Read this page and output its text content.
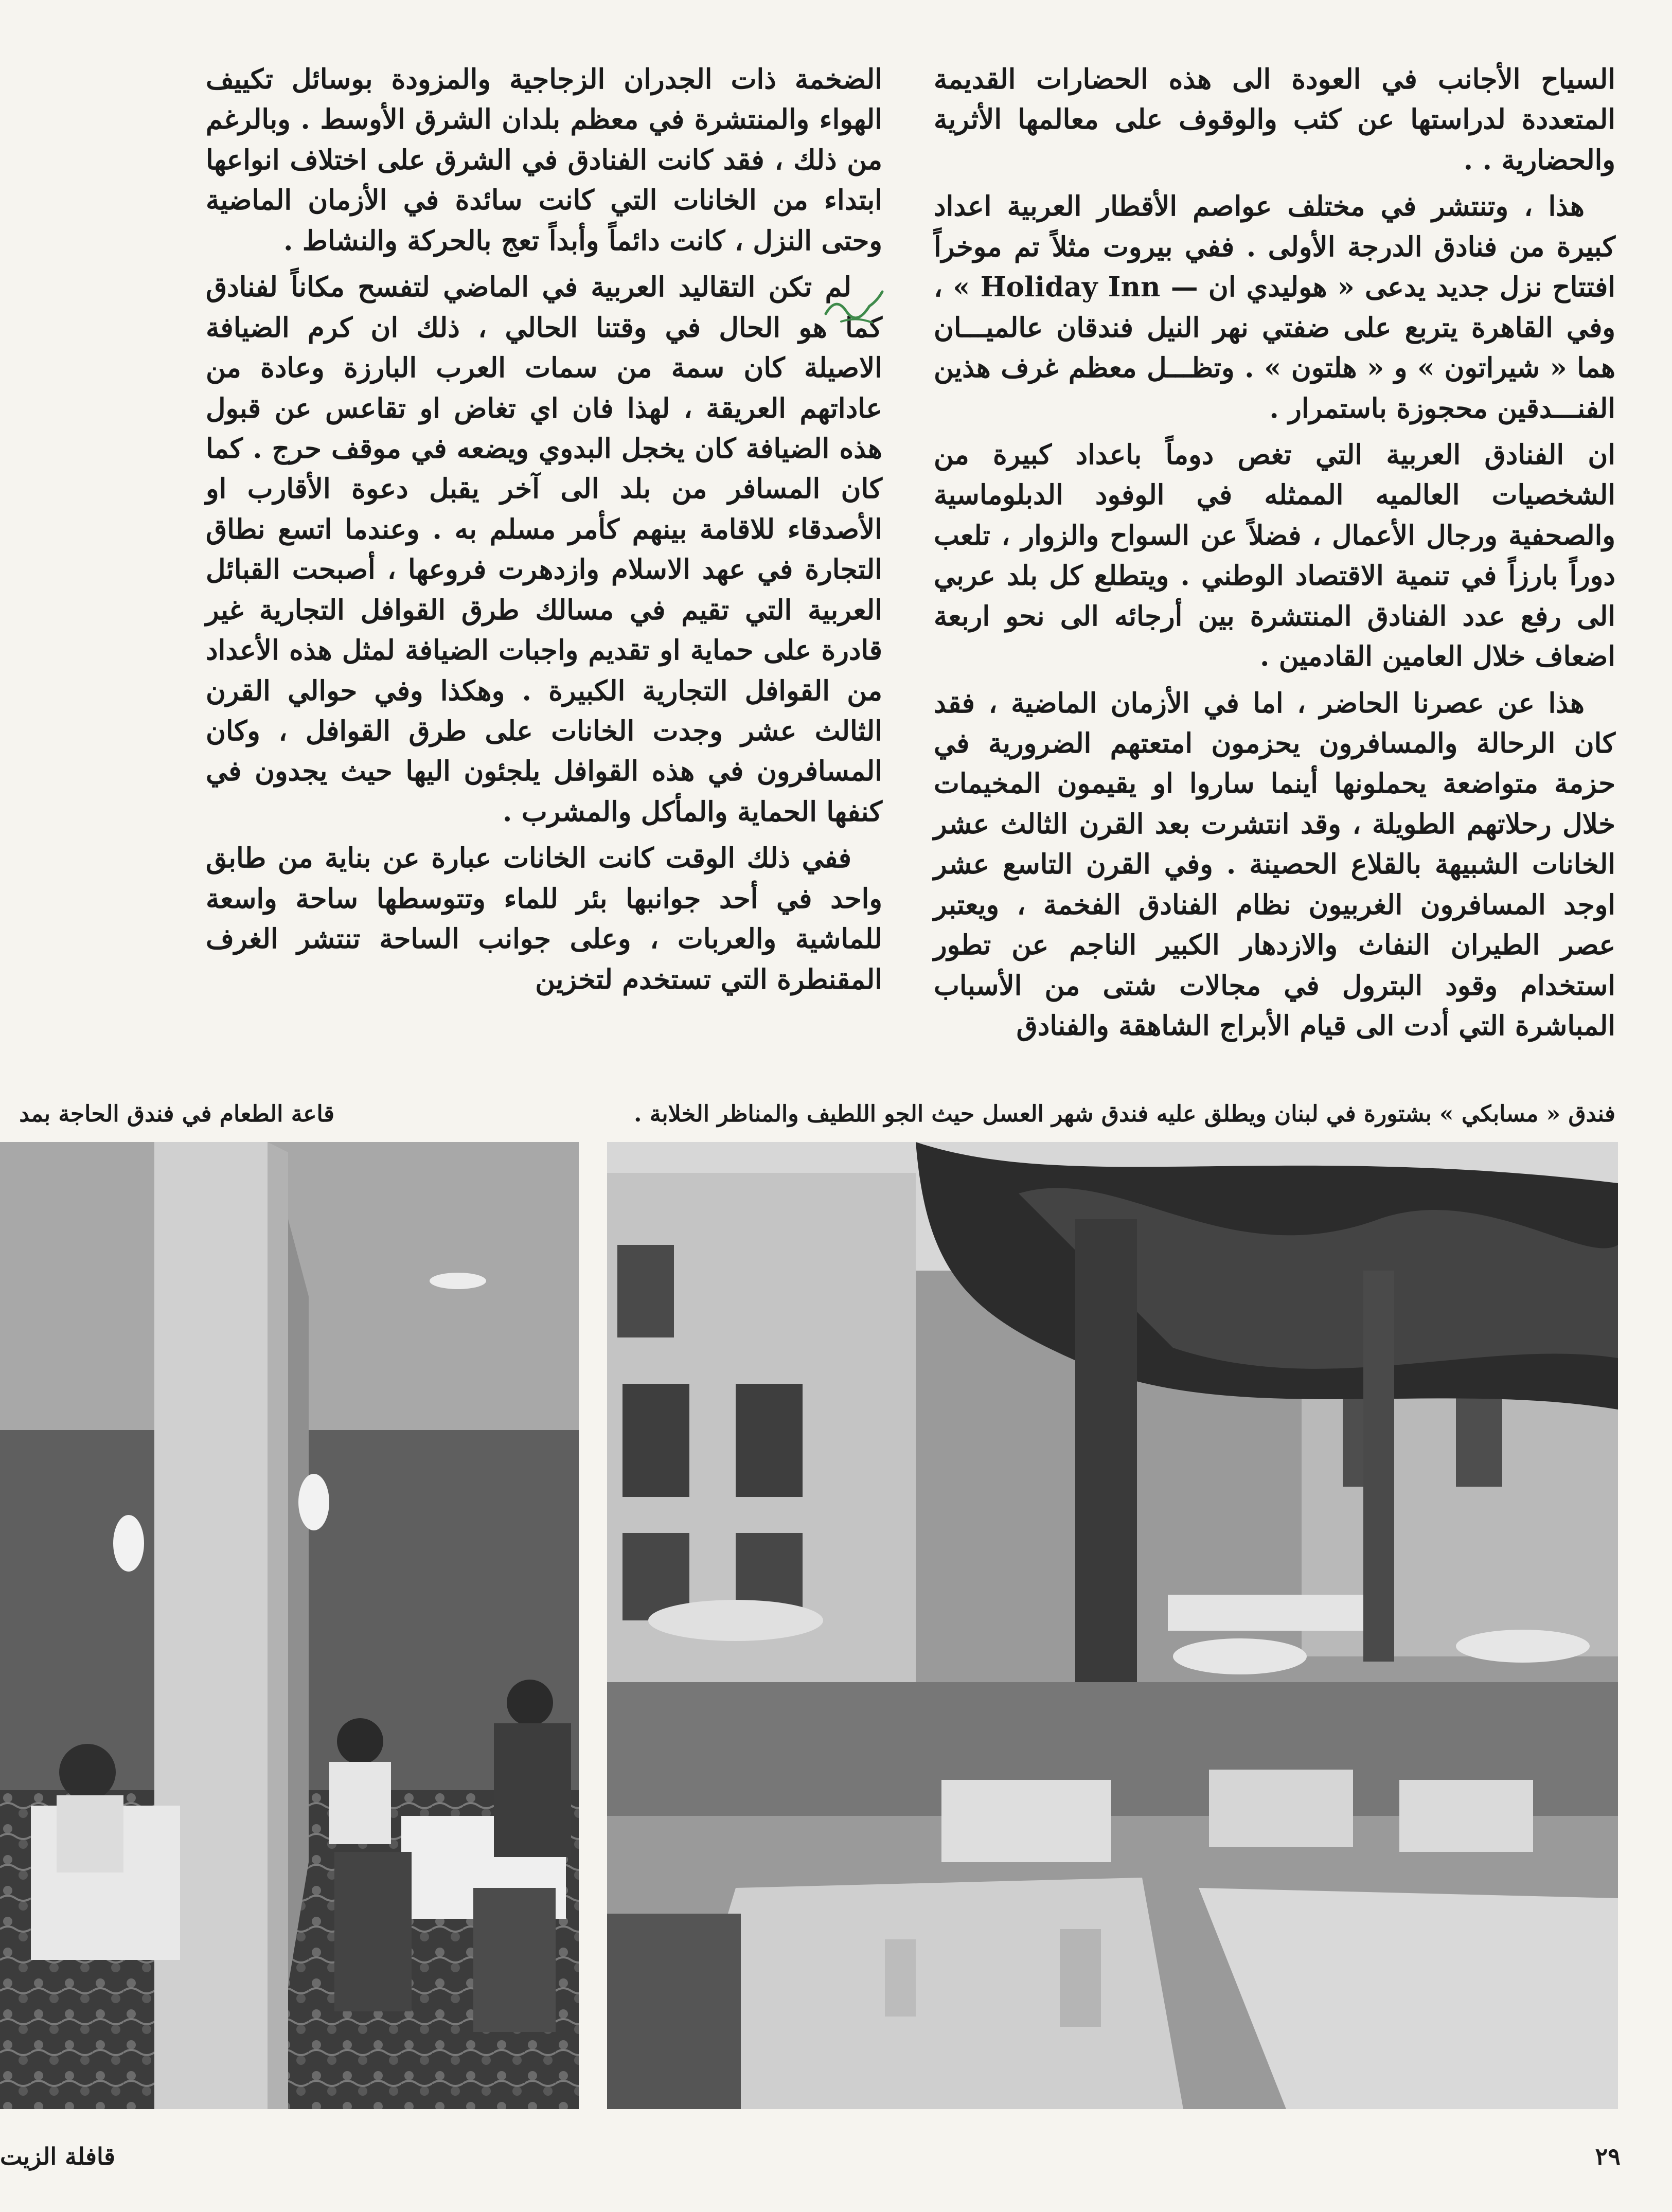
السياح الأجانب في العودة الى هذه الحضارات القديمة المتعددة لدراستها عن كثب والوقوف على معالمها الأثرية والحضارية . .

هذا ، وتنتشر في مختلف عواصم الأقطار العربية اعداد كبيرة من فنادق الدرجة الأولى . ففي بيروت مثلاً تم موخراً افتتاح نزل جديد يدعى « هوليدي ان — Holiday Inn » ، وفي القاهرة يتربع على ضفتي نهر النيل فندقان عالميـــان هما « شيراتون » و « هلتون » . وتظـــل معظم غرف هذين الفنـــدقين محجوزة باستمرار .

ان الفنادق العربية التي تغص دوماً باعداد كبيرة من الشخصيات العالميه الممثله في الوفود الدبلوماسية والصحفية ورجال الأعمال ، فضلاً عن السواح والزوار ، تلعب دوراً بارزاً في تنمية الاقتصاد الوطني . ويتطلع كل بلد عربي الى رفع عدد الفنادق المنتشرة بين أرجائه الى نحو اربعة اضعاف خلال العامين القادمين .

هذا عن عصرنا الحاضر ، اما في الأزمان الماضية ، فقد كان الرحالة والمسافرون يحزمون امتعتهم الضرورية في حزمة متواضعة يحملونها أينما ساروا او يقيمون المخيمات خلال رحلاتهم الطويلة ، وقد انتشرت بعد القرن الثالث عشر الخانات الشبيهة بالقلاع الحصينة . وفي القرن التاسع عشر اوجد المسافرون الغربيون نظام الفنادق الفخمة ، ويعتبر عصر الطيران النفاث والازدهار الكبير الناجم عن تطور استخدام وقود البترول في مجالات شتى من الأسباب المباشرة التي أدت الى قيام الأبراج الشاهقة والفنادق

الضخمة ذات الجدران الزجاجية والمزودة بوسائل تكييف الهواء والمنتشرة في معظم بلدان الشرق الأوسط . وبالرغم من ذلك ، فقد كانت الفنادق في الشرق على اختلاف انواعها ابتداء من الخانات التي كانت سائدة في الأزمان الماضية وحتى النزل ، كانت دائماً وأبداً تعج بالحركة والنشاط .

لم تكن التقاليد العربية في الماضي لتفسح مكاناً لفنادق كما هو الحال في وقتنا الحالي ، ذلك ان كرم الضيافة الاصيلة كان سمة من سمات العرب البارزة وعادة من عاداتهم العريقة ، لهذا فان اي تغاض او تقاعس عن قبول هذه الضيافة كان يخجل البدوي ويضعه في موقف حرج . كما كان المسافر من بلد الى آخر يقبل دعوة الأقارب او الأصدقاء للاقامة بينهم كأمر مسلم به . وعندما اتسع نطاق التجارة في عهد الاسلام وازدهرت فروعها ، أصبحت القبائل العربية التي تقيم في مسالك طرق القوافل التجارية غير قادرة على حماية او تقديم واجبات الضيافة لمثل هذه الأعداد من القوافل التجارية الكبيرة . وهكذا وفي حوالي القرن الثالث عشر وجدت الخانات على طرق القوافل ، وكان المسافرون في هذه القوافل يلجئون اليها حيث يجدون في كنفها الحماية والمأكل والمشرب .

ففي ذلك الوقت كانت الخانات عبارة عن بناية من طابق واحد في أحد جوانبها بئر للماء وتتوسطها ساحة واسعة للماشية والعربات ، وعلى جوانب الساحة تنتشر الغرف المقنطرة التي تستخدم لتخزين

فندق « مسابكي » بشتورة في لبنان ويطلق عليه فندق شهر العسل حيث الجو اللطيف والمناظر الخلابة .
قاعة الطعام في فندق الحاجة بمد
٢٩
قافلة الزيت
